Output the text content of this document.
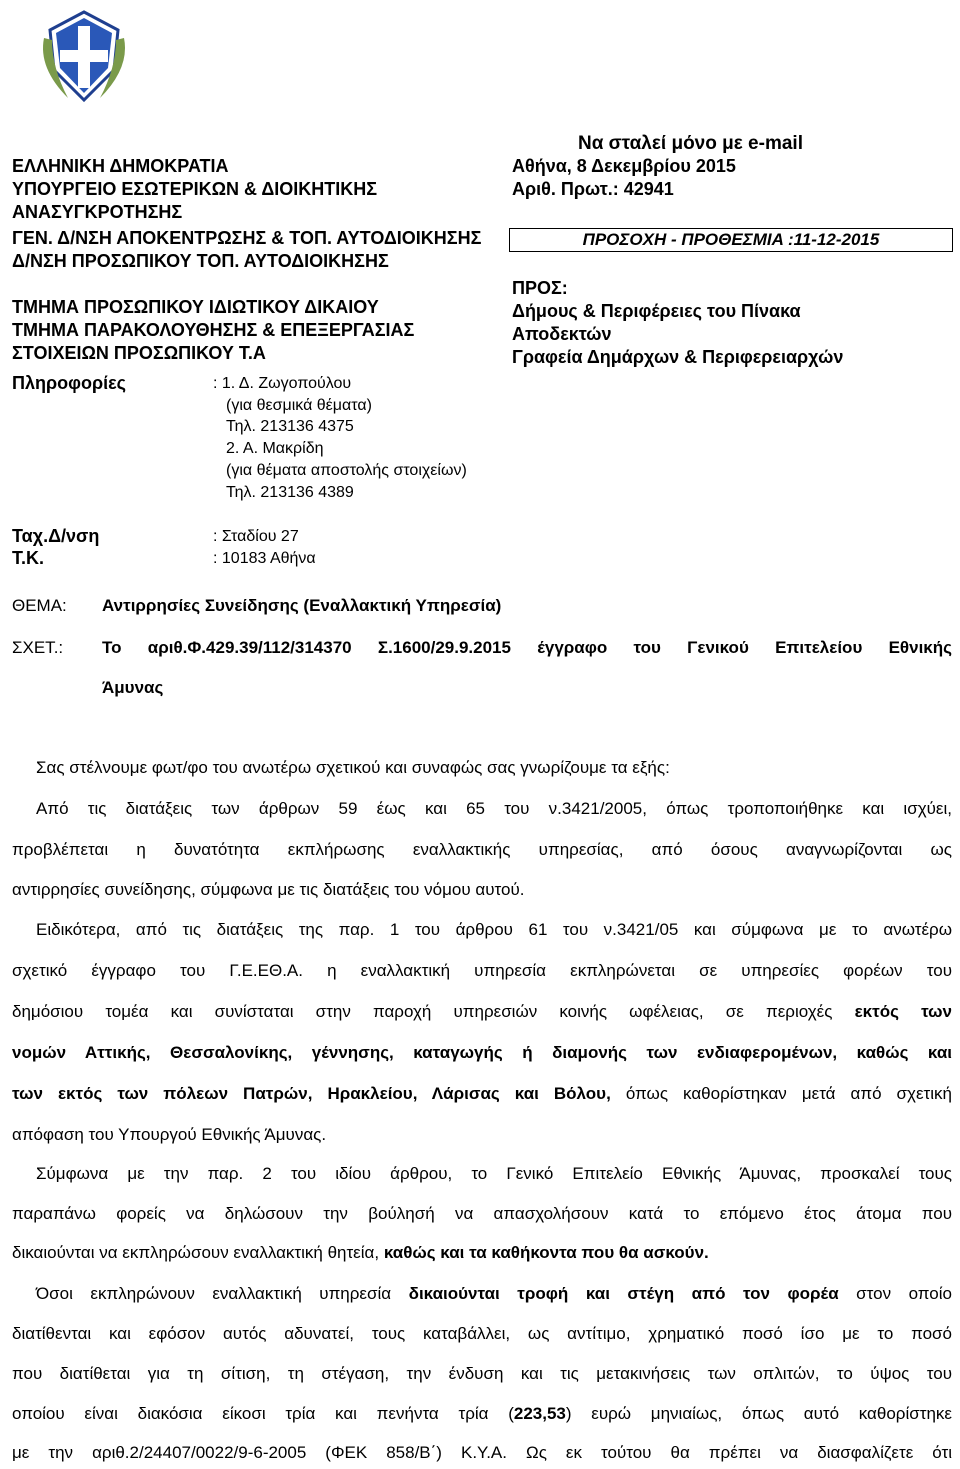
ΕΛΛΗΝΙΚΗ ΔΗΜΟΚΡΑΤΙΑ
ΥΠΟΥΡΓΕΙΟ ΕΣΩΤΕΡΙΚΩΝ & ΔΙΟΙΚΗΤΙΚΗΣ
ΑΝΑΣΥΓΚΡΟΤΗΣΗΣ
ΓΕΝ. Δ/ΝΣΗ ΑΠΟΚΕΝΤΡΩΣΗΣ & ΤΟΠ. ΑΥΤΟΔΙΟΙΚΗΣΗΣ
Δ/ΝΣΗ ΠΡΟΣΩΠΙΚΟΥ ΤΟΠ. ΑΥΤΟΔΙΟΙΚΗΣΗΣ
ΤΜΗΜΑ ΠΡΟΣΩΠΙΚΟΥ ΙΔΙΩΤΙΚΟΥ ΔΙΚΑΙΟΥ
ΤΜΗΜΑ ΠΑΡΑΚΟΛΟΥΘΗΣΗΣ & ΕΠΕΞΕΡΓΑΣΙΑΣ
ΣΤΟΙΧΕΙΩΝ ΠΡΟΣΩΠΙΚΟΥ Τ.Α
Πληροφορίες	: 1. Δ. Ζωγοπούλου
(για θεσμικά θέματα)
Τηλ. 213136 4375
2. Α. Μακρίδη
(για θέματα αποστολής στοιχείων)
Τηλ. 213136 4389
Ταχ.Δ/νση	: Σταδίου 27
Τ.Κ.	: 10183 Αθήνα
Να σταλεί μόνο με e-mail
Αθήνα, 8 Δεκεμβρίου 2015
Αριθ. Πρωτ.: 42941
ΠΡΟΣΟΧΗ - ΠΡΟΘΕΣΜΙΑ :11-12-2015
ΠΡΟΣ:
Δήμους & Περιφέρειες του Πίνακα
Αποδεκτών
Γραφεία Δημάρχων & Περιφερειαρχών
ΘΕΜΑ: Αντιρρησίες Συνείδησης (Εναλλακτική Υπηρεσία)
ΣΧΕΤ.: Το αριθ.Φ.429.39/112/314370 Σ.1600/29.9.2015 έγγραφο του Γενικού Επιτελείου Εθνικής
Άμυνας
Σας στέλνουμε φωτ/φο του ανωτέρω σχετικού και συναφώς σας γνωρίζουμε τα εξής:
Από τις διατάξεις των άρθρων 59 έως και 65 του ν.3421/2005, όπως τροποποιήθηκε και ισχύει,
προβλέπεται η δυνατότητα εκπλήρωσης εναλλακτικής υπηρεσίας, από όσους αναγνωρίζονται ως
αντιρρησίες συνείδησης, σύμφωνα με τις διατάξεις του νόμου αυτού.
Ειδικότερα, από τις διατάξεις της παρ. 1 του άρθρου 61 του ν.3421/05 και σύμφωνα με το ανωτέρω
σχετικό έγγραφο του Γ.Ε.ΕΘ.Α. η εναλλακτική υπηρεσία εκπληρώνεται σε υπηρεσίες φορέων του
δημόσιου τομέα και συνίσταται στην παροχή υπηρεσιών κοινής ωφέλειας, σε περιοχές εκτός των
νομών Αττικής, Θεσσαλονίκης, γέννησης, καταγωγής ή διαμονής των ενδιαφερομένων, καθώς και
των εκτός των πόλεων Πατρών, Ηρακλείου, Λάρισας και Βόλου, όπως καθορίστηκαν μετά από σχετική
απόφαση του Υπουργού Εθνικής Άμυνας.
Σύμφωνα με την παρ. 2 του ιδίου άρθρου, το Γενικό Επιτελείο Εθνικής Άμυνας, προσκαλεί τους
παραπάνω φορείς να δηλώσουν την βούλησή να απασχολήσουν κατά το επόμενο έτος άτομα που
δικαιούνται να εκπληρώσουν εναλλακτική θητεία, καθώς και τα καθήκοντα που θα ασκούν.
Όσοι εκπληρώνουν εναλλακτική υπηρεσία δικαιούνται τροφή και στέγη από τον φορέα στον οποίο
διατίθενται και εφόσον αυτός αδυνατεί, τους καταβάλλει, ως αντίτιμο, χρηματικό ποσό ίσο με το ποσό
που διατίθεται για τη σίτιση, τη στέγαση, την ένδυση και τις μετακινήσεις των οπλιτών, το ύψος του
οποίου είναι διακόσια είκοσι τρία και πενήντα τρία (223,53) ευρώ μηνιαίως, όπως αυτό καθορίστηκε
με την αριθ.2/24407/0022/9-6-2005 (ΦΕΚ 858/Β΄) Κ.Υ.Α. Ως εκ τούτου θα πρέπει να διασφαλίζετε ότι
